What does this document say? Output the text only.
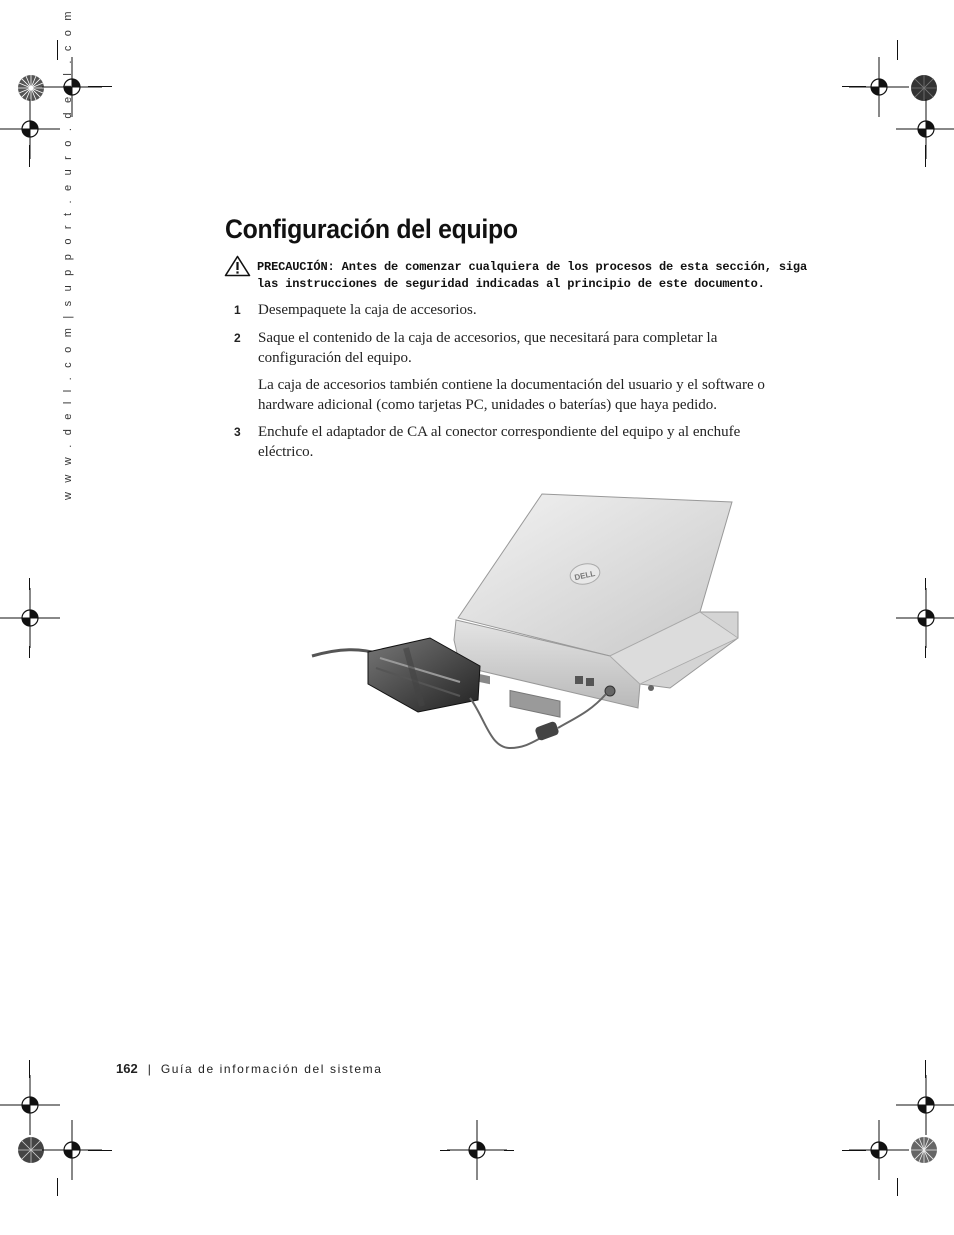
w w w . d e l l . c o m | s u p p o r t . e u r o . d e l l . c o m	Configuración del equipo
PRECAUCIÓN: Antes de comenzar cualquiera de los procesos de esta sección, siga las instrucciones de seguridad indicadas al principio de este documento.
1 Desempaquete la caja de accesorios.
2 Saque el contenido de la caja de accesorios, que necesitará para completar la configuración del equipo.
La caja de accesorios también contiene la documentación del usuario y el software o hardware adicional (como tarjetas PC, unidades o baterías) que haya pedido.
3 Enchufe el adaptador de CA al conector correspondiente del equipo y al enchufe eléctrico.
DELL
162 | Guía de información del sistema
